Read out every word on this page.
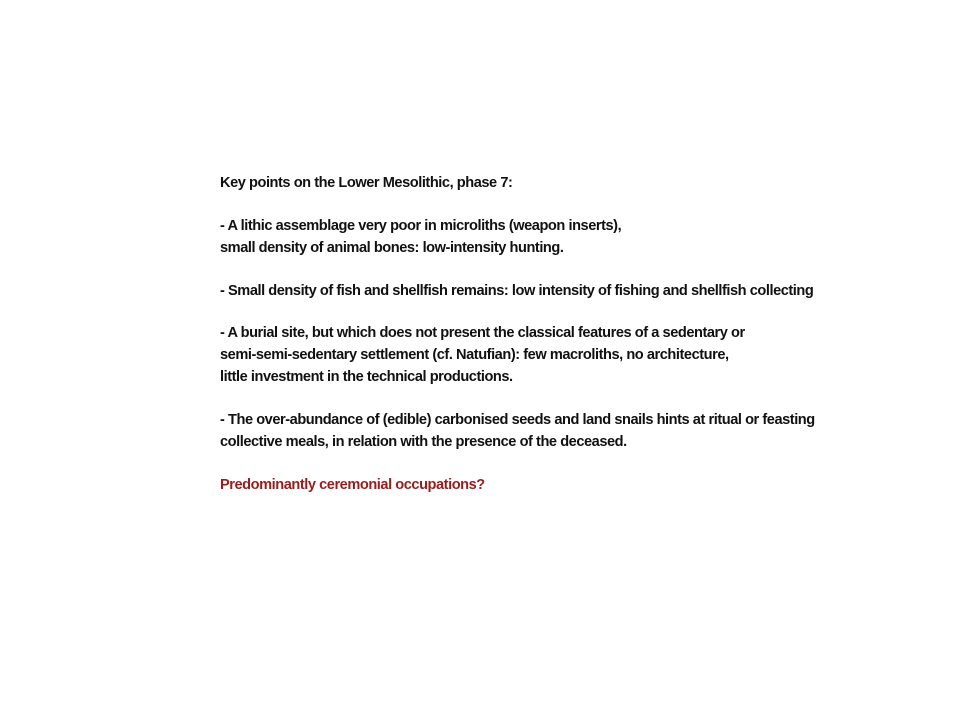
Key points on the Lower Mesolithic, phase 7:
- A lithic assemblage very poor in microliths (weapon inserts),
small density of animal bones: low-intensity hunting.
- Small density of fish and shellfish remains: low intensity of fishing and shellfish collecting
- A burial site, but which does not present the classical features of a sedentary or
semi-semi-sedentary settlement (cf. Natufian): few macroliths, no architecture,
little investment in the technical productions.
- The over-abundance of (edible) carbonised seeds and land snails hints at ritual or feasting
collective meals, in relation with the presence of the deceased.
Predominantly ceremonial occupations?
